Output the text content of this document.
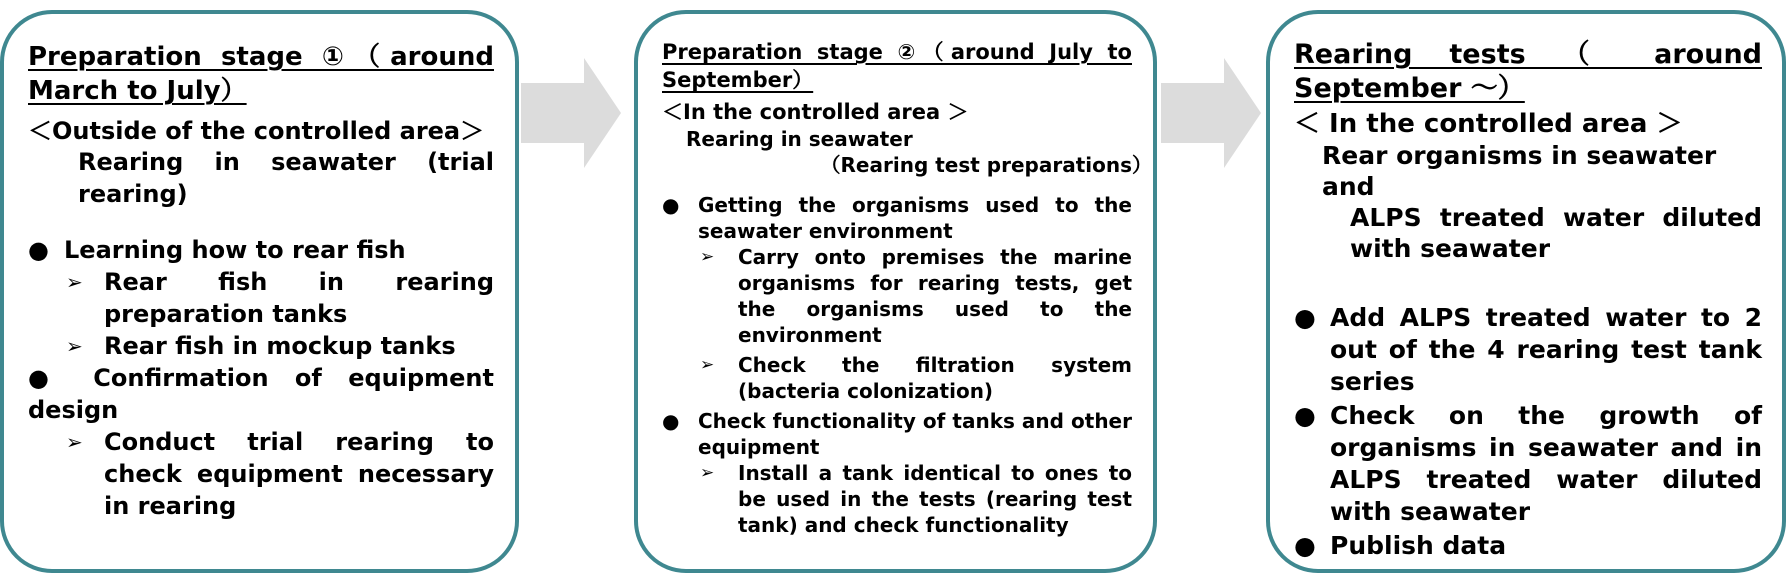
Preparation stage ①（around March to July）

＜Outside of the controlled area＞
Rearing in seawater (trial rearing)
● Learning how to rear fish
➢ Rear fish in rearing preparation tanks
➢ Rear fish in mockup tanks
● Confirmation of equipment design
➢ Conduct trial rearing to check equipment necessary in rearing

Preparation stage ②（around July to September）

＜In the controlled area ＞
Rearing in seawater
（Rearing test preparations）
● Getting the organisms used to the seawater environment
➢ Carry onto premises the marine organisms for rearing tests, get the organisms used to the environment
➢ Check the filtration system (bacteria colonization)
● Check functionality of tanks and other equipment
➢ Install a tank identical to ones to be used in the tests (rearing test tank) and check functionality

Rearing tests （ around September ～）

＜ In the controlled area ＞
Rear organisms in seawater and
ALPS treated water diluted with seawater
● Add ALPS treated water to 2 out of the 4 rearing test tank series
● Check on the growth of organisms in seawater and in ALPS treated water diluted with seawater
● Publish data
